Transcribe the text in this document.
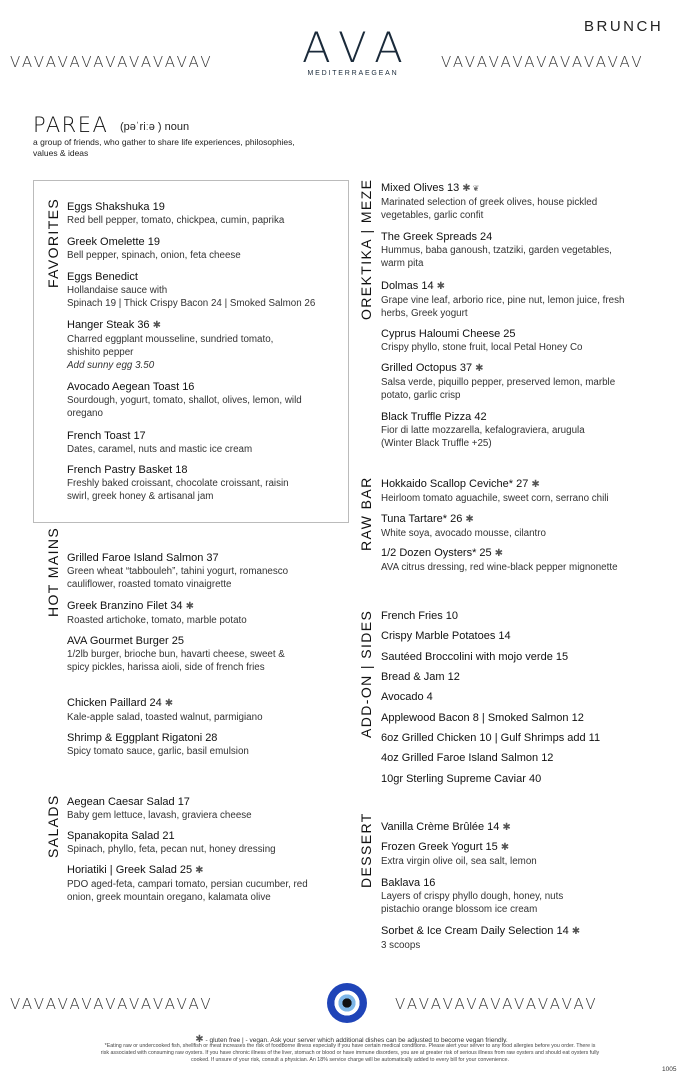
VAVAVAVAVAVAVAVAV	VAVAVAVAVAVAVAVAV
BRUNCH
AVA
MEDITERRAEGEAN
PAREA (pəˈriːə ) noun
a group of friends, who gather to share life experiences, philosophies, values & ideas
FAVORITES
HOT MAINS
SALADS
OREKTIKA | MEZE
RAW BAR
ADD-ON | SIDES
DESSERT
Eggs Shakshuka 19
Red bell pepper, tomato, chickpea, cumin, paprika
Greek Omelette 19
Bell pepper, spinach, onion, feta cheese
Eggs Benedict
Hollandaise sauce with
Spinach 19 | Thick Crispy Bacon 24 | Smoked Salmon 26
Hanger Steak 36 ✱
Charred eggplant mousseline, sundried tomato, shishito pepper
Add sunny egg 3.50
Avocado Aegean Toast 16
Sourdough, yogurt, tomato, shallot, olives, lemon, wild oregano
French Toast 17
Dates, caramel, nuts and mastic ice cream
French Pastry Basket 18
Freshly baked croissant, chocolate croissant, raisin swirl, greek honey & artisanal jam
Grilled Faroe Island Salmon 37
Green wheat “tabbouleh”, tahini yogurt, romanesco cauliflower, roasted tomato vinaigrette
Greek Branzino Filet 34 ✱
Roasted artichoke, tomato, marble potato
AVA Gourmet Burger 25
1/2lb burger, brioche bun, havarti cheese, sweet & spicy pickles, harissa aioli, side of french fries
Chicken Paillard 24 ✱
Kale-apple salad, toasted walnut, parmigiano
Shrimp & Eggplant Rigatoni 28
Spicy tomato sauce, garlic, basil emulsion
Aegean Caesar Salad 17
Baby gem lettuce, lavash, graviera cheese
Spanakopita Salad 21
Spinach, phyllo, feta, pecan nut, honey dressing
Horiatiki | Greek Salad 25 ✱
PDO aged-feta, campari tomato, persian cucumber, red onion, greek mountain oregano, kalamata olive
Mixed Olives 13 ✱ ❦
Marinated selection of greek olives, house pickled vegetables, garlic confit
The Greek Spreads 24
Hummus, baba ganoush, tzatziki, garden vegetables, warm pita
Dolmas 14 ✱
Grape vine leaf, arborio rice, pine nut, lemon juice, fresh herbs, Greek yogurt
Cyprus Haloumi Cheese 25
Crispy phyllo, stone fruit, local Petal Honey Co
Grilled Octopus 37 ✱
Salsa verde, piquillo pepper, preserved lemon, marble potato, garlic crisp
Black Truffle Pizza 42
Fior di latte mozzarella, kefalograviera, arugula
(Winter Black Truffle +25)
Hokkaido Scallop Ceviche* 27 ✱
Heirloom tomato aguachile, sweet corn, serrano chili
Tuna Tartare* 26 ✱
White soya, avocado mousse, cilantro
1/2 Dozen Oysters* 25 ✱
AVA citrus dressing, red wine-black pepper mignonette
French Fries 10
Crispy Marble Potatoes 14
Sautéed Broccolini with mojo verde 15
Bread & Jam 12
Avocado 4
Applewood Bacon 8 | Smoked Salmon 12
6oz Grilled Chicken 10 | Gulf Shrimps add 11
4oz Grilled Faroe Island Salmon 12
10gr Sterling Supreme Caviar 40
Vanilla Crème Brûlée 14 ✱
Frozen Greek Yogurt 15 ✱
Extra virgin olive oil, sea salt, lemon
Baklava 16
Layers of crispy phyllo dough, honey, nuts
pistachio orange blossom ice cream
Sorbet & Ice Cream Daily Selection 14 ✱
3 scoops
VAVAVAVAVAVAVAVAV	VAVAVAVAVAVAVAVAV
✱ - gluten free | - vegan. Ask your server which additional dishes can be adjusted to become vegan friendly.
*Eating raw or undercooked fish, shellfish or meat increases the risk of foodborne illness especially if you have certain medical conditions. Please alert your server to any food allergies before you order. There is risk associated with consuming raw oysters. If you have chronic illness of the liver, stomach or blood or have immune disorders, you are at greater risk of serious illness from raw oysters and should eat oysters fully cooked. If unsure of your risk, consult a physician. An 18% service charge will be automatically added to every bill for your convenience.
1005
